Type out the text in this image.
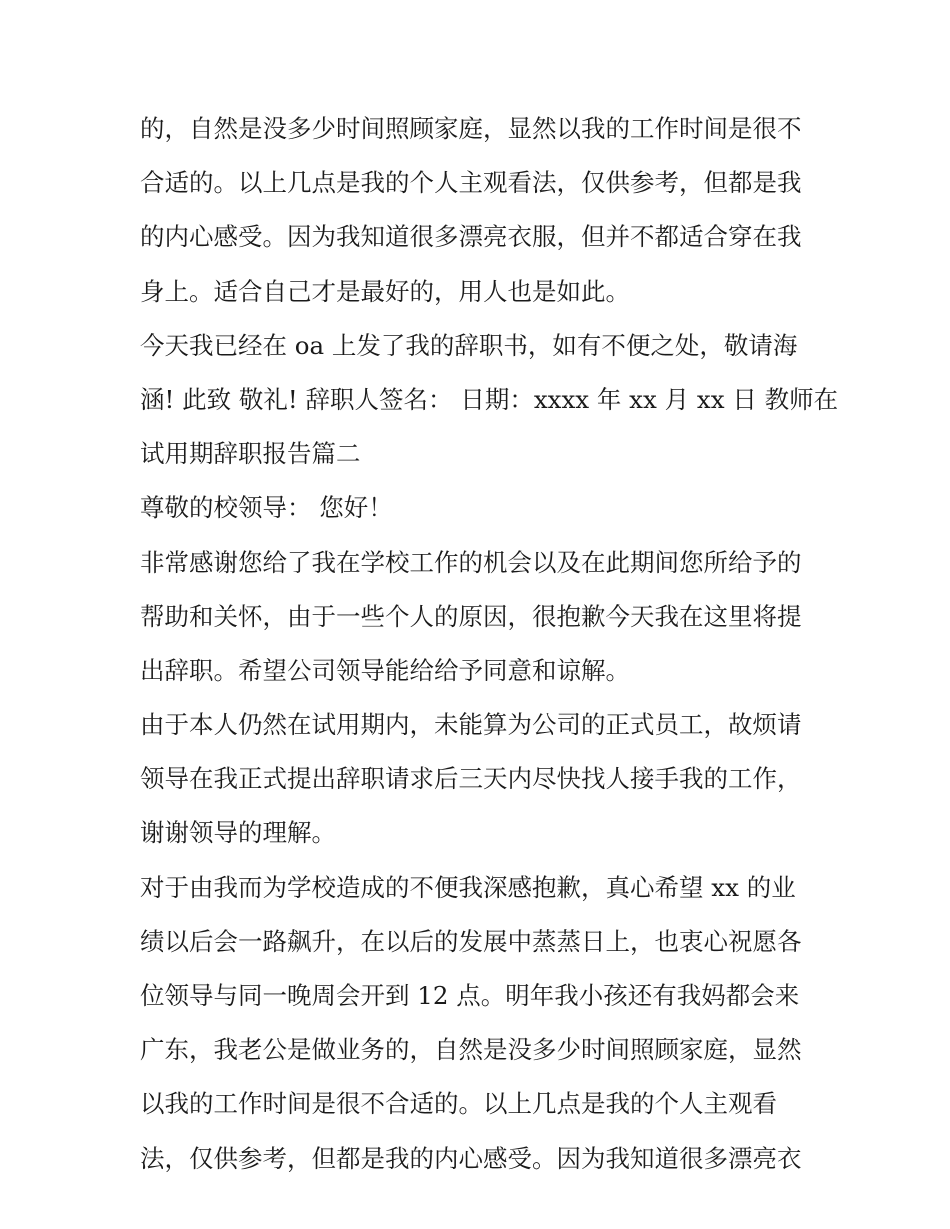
的，自然是没多少时间照顾家庭，显然以我的工作时间是很不
合适的。以上几点是我的个人主观看法，仅供参考，但都是我
的内心感受。因为我知道很多漂亮衣服，但并不都适合穿在我
身上。适合自己才是最好的，用人也是如此。
今天我已经在 oa 上发了我的辞职书，如有不便之处，敬请海
涵! 此致 敬礼! 辞职人签名： 日期：xxxx 年 xx 月 xx 日 教师在
试用期辞职报告篇二
尊敬的校领导： 您好！
非常感谢您给了我在学校工作的机会以及在此期间您所给予的
帮助和关怀，由于一些个人的原因，很抱歉今天我在这里将提
出辞职。希望公司领导能给给予同意和谅解。
由于本人仍然在试用期内，未能算为公司的正式员工，故烦请
领导在我正式提出辞职请求后三天内尽快找人接手我的工作，
谢谢领导的理解。
对于由我而为学校造成的不便我深感抱歉，真心希望 xx 的业
绩以后会一路飙升，在以后的发展中蒸蒸日上，也衷心祝愿各
位领导与同一晚周会开到 12 点。明年我小孩还有我妈都会来
广东，我老公是做业务的，自然是没多少时间照顾家庭，显然
以我的工作时间是很不合适的。以上几点是我的个人主观看
法，仅供参考，但都是我的内心感受。因为我知道很多漂亮衣
